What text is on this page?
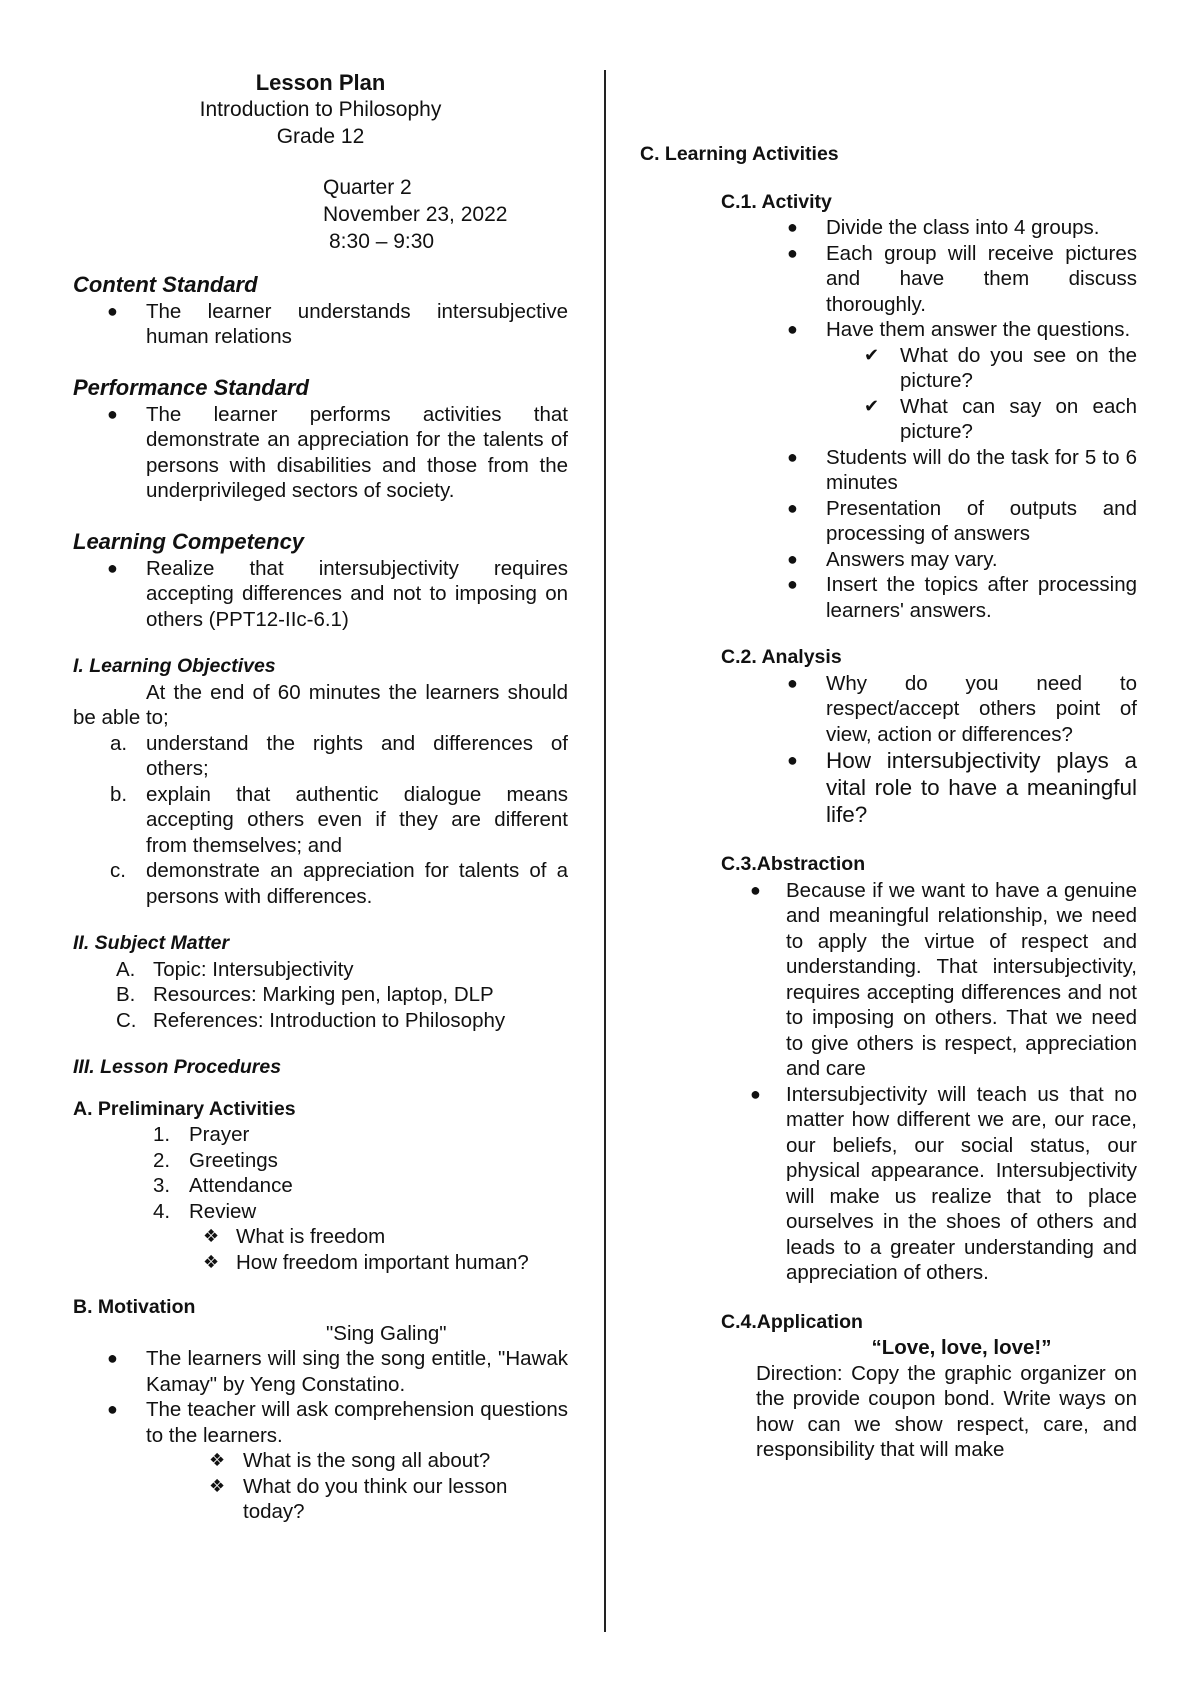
Lesson Plan
Introduction to Philosophy
Grade 12
Quarter 2
November 23, 2022
8:30 – 9:30
Content Standard
● The learner understands intersubjective human relations
Performance Standard
● The learner performs activities that demonstrate an appreciation for the talents of persons with disabilities and those from the underprivileged sectors of society.
Learning Competency
● Realize that intersubjectivity requires accepting differences and not to imposing on others (PPT12-IIc-6.1)
I. Learning Objectives
At the end of 60 minutes the learners should be able to;
a. understand the rights and differences of others;
b. explain that authentic dialogue means accepting others even if they are different from themselves; and
c. demonstrate an appreciation for talents of a persons with differences.
II. Subject Matter
A. Topic: Intersubjectivity
B. Resources: Marking pen, laptop, DLP
C. References: Introduction to Philosophy
III. Lesson Procedures
A. Preliminary Activities
1. Prayer
2. Greetings
3. Attendance
4. Review
❖ What is freedom
❖ How freedom important human?
B. Motivation
"Sing Galing"
● The learners will sing the song entitle, "Hawak Kamay" by Yeng Constatino.
● The teacher will ask comprehension questions to the learners.
❖ What is the song all about?
❖ What do you think our lesson today?
C. Learning Activities
C.1. Activity
● Divide the class into 4 groups.
● Each group will receive pictures and have them discuss thoroughly.
● Have them answer the questions.
✔ What do you see on the picture?
✔ What can say on each picture?
● Students will do the task for 5 to 6 minutes
● Presentation of outputs and processing of answers
● Answers may vary.
● Insert the topics after processing learners' answers.
C.2. Analysis
● Why do you need to respect/accept others point of view, action or differences?
● How intersubjectivity plays a vital role to have a meaningful life?
C.3.Abstraction
● Because if we want to have a genuine and meaningful relationship, we need to apply the virtue of respect and understanding. That intersubjectivity, requires accepting differences and not to imposing on others. That we need to give others is respect, appreciation and care
● Intersubjectivity will teach us that no matter how different we are, our race, our beliefs, our social status, our physical appearance. Intersubjectivity will make us realize that to place ourselves in the shoes of others and leads to a greater understanding and appreciation of others.
C.4.Application
“Love, love, love!”
Direction: Copy the graphic organizer on the provide coupon bond. Write ways on how can we show respect, care, and responsibility that will make
